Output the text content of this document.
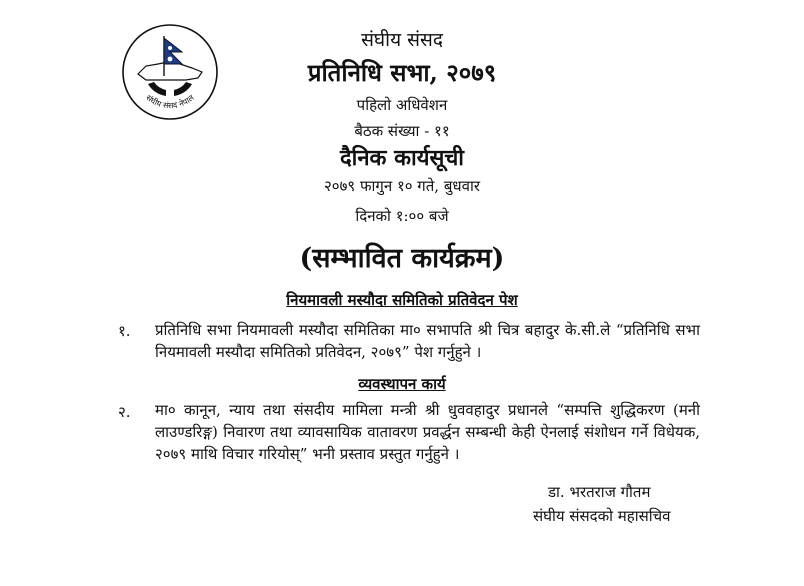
संघीय संसद नेपाल
संघीय संसद
प्रतिनिधि सभा, २०७९
पहिलो अधिवेशन
बैठक संख्या - ११
दैनिक कार्यसूची
२०७९ फागुन १० गते, बुधवार
दिनको १:०० बजे
(सम्भावित कार्यक्रम)
नियमावली मस्यौदा समितिको प्रतिवेदन पेश
१. प्रतिनिधि सभा नियमावली मस्यौदा समितिका मा० सभापति श्री चित्र बहादुर के.सी.ले “प्रतिनिधि सभा नियमावली मस्यौदा समितिको प्रतिवेदन, २०७९” पेश गर्नुहुने ।
व्यवस्थापन कार्य
२. मा० कानून, न्याय तथा संसदीय मामिला मन्त्री श्री धुववहादुर प्रधानले “सम्पत्ति शुद्धिकरण (मनी लाउण्डरिङ्ग) निवारण तथा व्यावसायिक वातावरण प्रवर्द्धन सम्बन्धी केही ऐनलाई संशोधन गर्ने विधेयक, २०७९ माथि विचार गरियोस्” भनी प्रस्ताव प्रस्तुत गर्नुहुने ।
डा. भरतराज गौतम
संघीय संसदको महासचिव
